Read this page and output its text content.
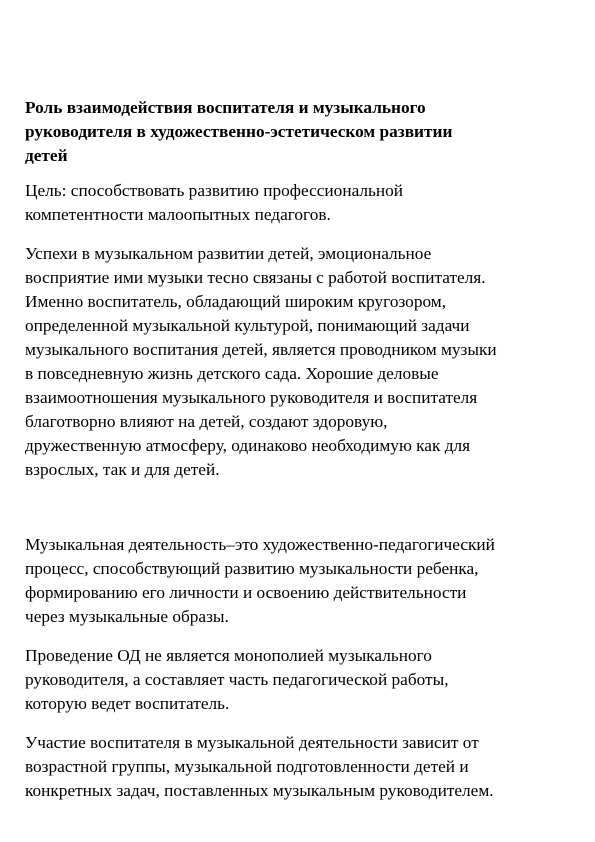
Роль взаимодействия воспитателя и музыкального
руководителя в художественно-эстетическом развитии
детей
Цель: способствовать развитию профессиональной
компетентности малоопытных педагогов.
Успехи в музыкальном развитии детей, эмоциональное
восприятие ими музыки тесно связаны с работой воспитателя.
Именно воспитатель, обладающий широким кругозором,
определенной музыкальной культурой, понимающий задачи
музыкального воспитания детей, является проводником музыки
в повседневную жизнь детского сада. Хорошие деловые
взаимоотношения музыкального руководителя и воспитателя
благотворно влияют на детей, создают здоровую,
дружественную атмосферу, одинаково необходимую как для
взрослых, так и для детей.
Музыкальная деятельность–это художественно-педагогический
процесс, способствующий развитию музыкальности ребенка,
формированию его личности и освоению действительности
через музыкальные образы.
Проведение ОД не является монополией музыкального
руководителя, а составляет часть педагогической работы,
которую ведет воспитатель.
Участие воспитателя в музыкальной деятельности зависит от
возрастной группы, музыкальной подготовленности детей и
конкретных задач, поставленных музыкальным руководителем.
